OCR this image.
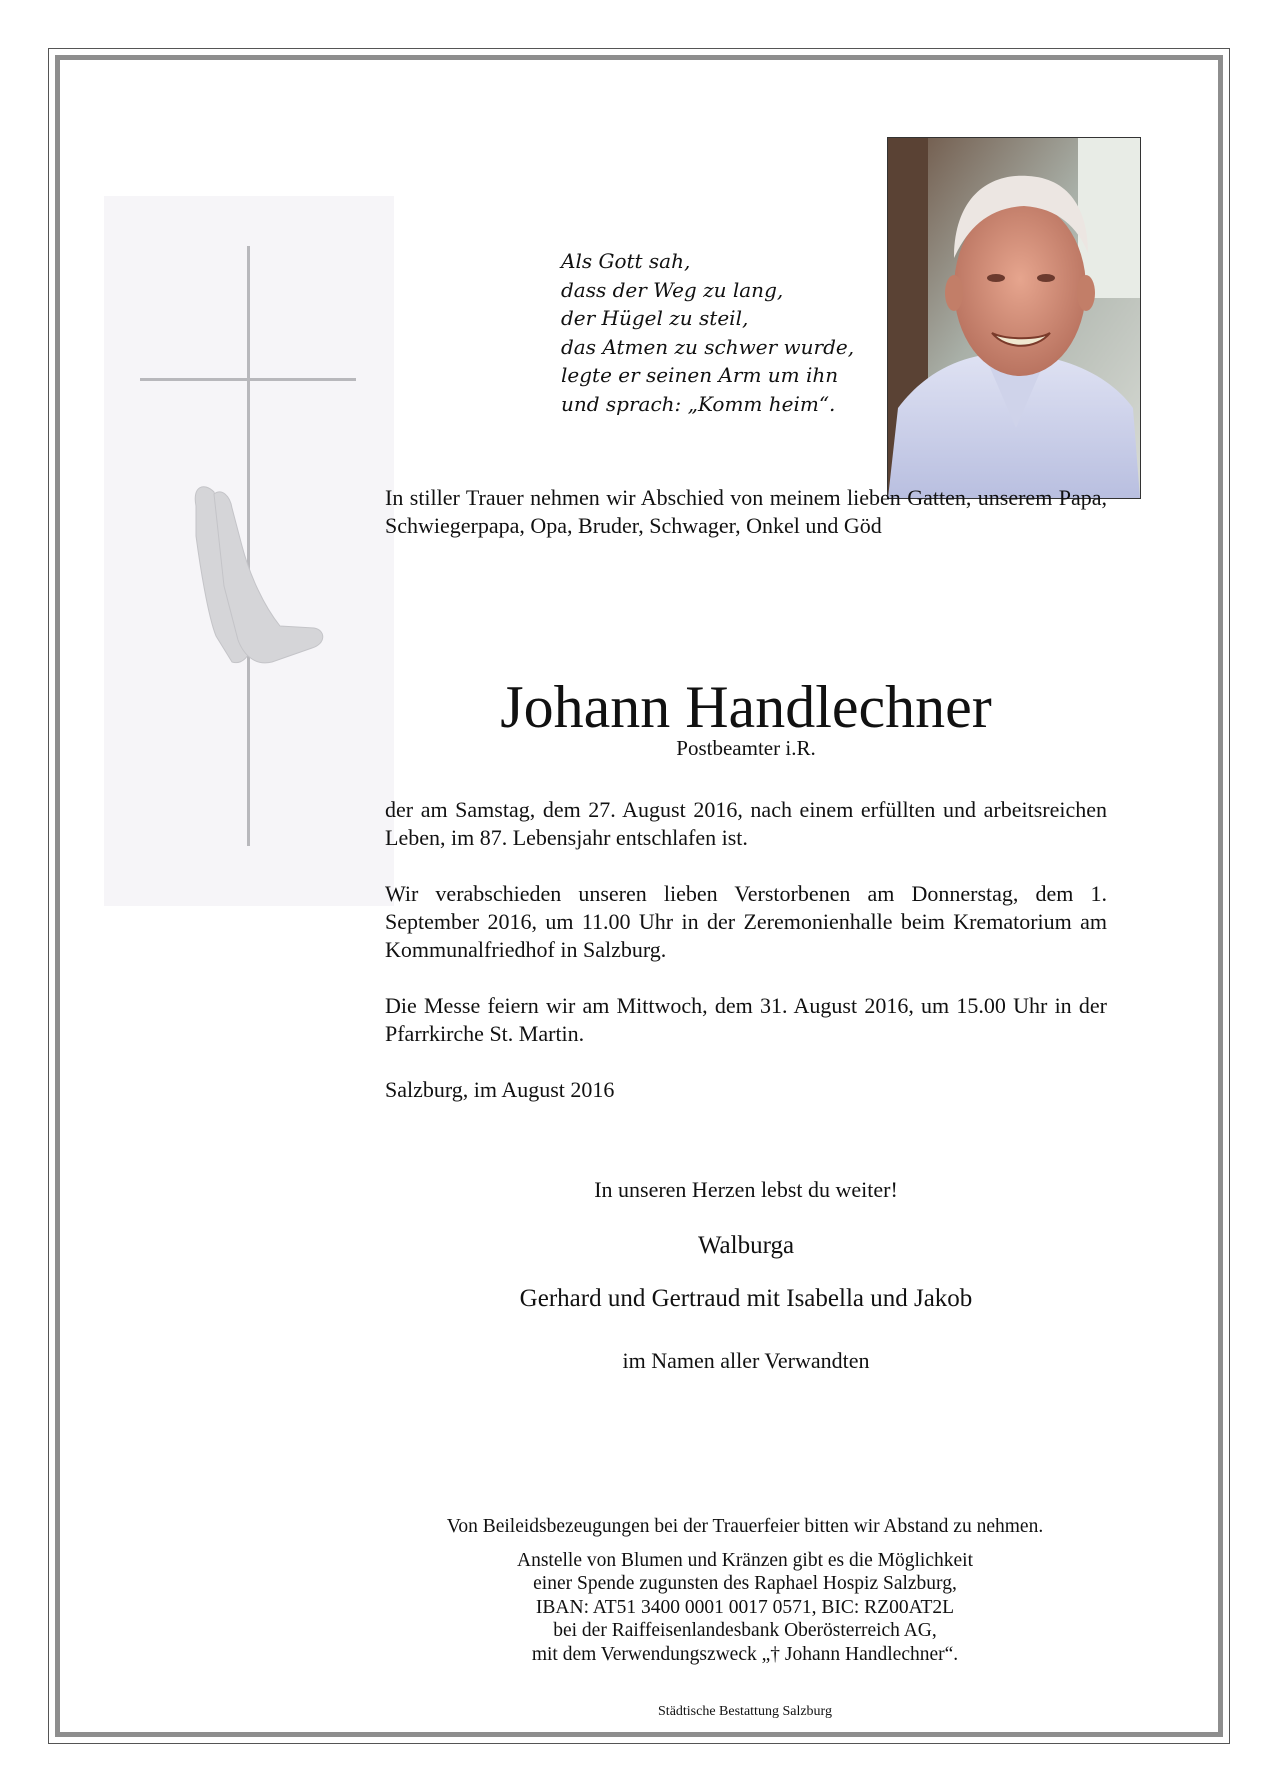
Als Gott sah,
dass der Weg zu lang,
der Hügel zu steil,
das Atmen zu schwer wurde,
legte er seinen Arm um ihn
und sprach: „Komm heim“.
In stiller Trauer nehmen wir Abschied von meinem lieben Gatten, unserem Papa, Schwiegerpapa, Opa, Bruder, Schwager, Onkel und Göd
Johann Handlechner
Postbeamter i.R.
der am Samstag, dem 27. August 2016, nach einem erfüllten und arbeitsreichen Leben, im 87. Lebensjahr entschlafen ist.
Wir verabschieden unseren lieben Verstorbenen am Donnerstag, dem 1. September 2016, um 11.00 Uhr in der Zeremonienhalle beim Krematorium am Kommunalfriedhof in Salzburg.
Die Messe feiern wir am Mittwoch, dem 31. August 2016, um 15.00 Uhr in der Pfarrkirche St. Martin.
Salzburg, im August 2016
In unseren Herzen lebst du weiter!
Walburga
Gerhard und Gertraud mit Isabella und Jakob
im Namen aller Verwandten
Von Beileidsbezeugungen bei der Trauerfeier bitten wir Abstand zu nehmen.
Anstelle von Blumen und Kränzen gibt es die Möglichkeit
einer Spende zugunsten des Raphael Hospiz Salzburg,
IBAN: AT51 3400 0001 0017 0571, BIC: RZ00AT2L
bei der Raiffeisenlandesbank Oberösterreich AG,
mit dem Verwendungszweck „† Johann Handlechner“.
Städtische Bestattung Salzburg
